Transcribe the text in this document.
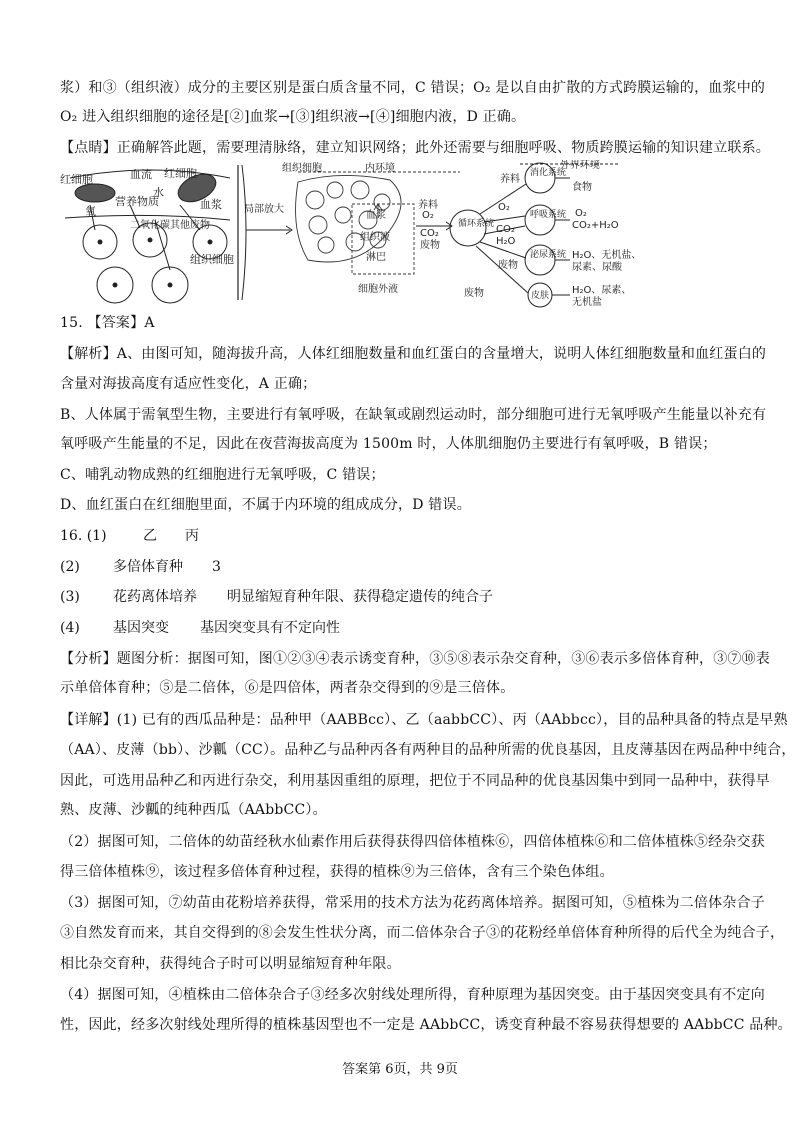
浆）和③（组织液）成分的主要区别是蛋白质含量不同，C 错误；O₂ 是以自由扩散的方式跨膜运输的，血浆中的
O₂ 进入组织细胞的途径是[②]血浆→[③]组织液→[④]细胞内液，D 正确。
【点睛】正确解答此题，需要理清脉络，建立知识网络；此外还需要与细胞呼吸、物质跨膜运输的知识建立联系。
红细胞	血流 红细胞
营养物质
水
氧
血浆
二氧化碳其他废物
组织细胞
局部放大
组织细胞	内环境
血浆
组织液
淋巴
细胞外液
外界环境
养料
消化系统
食物
养料
O₂
循环系统
CO₂
废物
O₂
呼吸系统
CO₂
H₂O
O₂
CO₂+H₂O
泌尿系统 H₂O、无机盐、
尿素、尿酸
废物
废物	皮肤 H₂O、尿素、
无机盐
15. 【答案】A
【解析】A、由图可知，随海拔升高，人体红细胞数量和血红蛋白的含量增大，说明人体红细胞数量和血红蛋白的
含量对海拔高度有适应性变化，A 正确；
B、人体属于需氧型生物，主要进行有氧呼吸，在缺氧或剧烈运动时，部分细胞可进行无氧呼吸产生能量以补充有
氧呼吸产生能量的不足，因此在夜营海拔高度为 1500m 时，人体肌细胞仍主要进行有氧呼吸，B 错误；
C、哺乳动物成熟的红细胞进行无氧呼吸，C 错误；
D、血红蛋白在红细胞里面，不属于内环境的组成成分，D 错误。
16. (1)	乙 丙
(2) 多倍体育种 3
(3) 花药离体培养 明显缩短育种年限、获得稳定遗传的纯合子
(4) 基因突变 基因突变具有不定向性
【分析】题图分析：据图可知，图①②③④表示诱变育种，③⑤⑧表示杂交育种，③⑥表示多倍体育种，③⑦⑩表
示单倍体育种；⑤是二倍体，⑥是四倍体，两者杂交得到的⑨是三倍体。
【详解】(1) 已有的西瓜品种是：品种甲（AABBcc）、乙（aabbCC）、丙（AAbbcc），目的品种具备的特点是早熟
（AA）、皮薄（bb）、沙瓤（CC）。品种乙与品种丙各有两种目的品种所需的优良基因，且皮薄基因在两品种中纯合，
因此，可选用品种乙和丙进行杂交，利用基因重组的原理，把位于不同品种的优良基因集中到同一品种中，获得早
熟、皮薄、沙瓤的纯种西瓜（AAbbCC）。
（2）据图可知，二倍体的幼苗经秋水仙素作用后获得获得四倍体植株⑥，四倍体植株⑥和二倍体植株⑤经杂交获
得三倍体植株⑨，该过程多倍体育种过程，获得的植株⑨为三倍体，含有三个染色体组。
（3）据图可知，⑦幼苗由花粉培养获得，常采用的技术方法为花药离体培养。据图可知，⑤植株为二倍体杂合子
③自然发育而来，其自交得到的⑧会发生性状分离，而二倍体杂合子③的花粉经单倍体育种所得的后代全为纯合子，
相比杂交育种，获得纯合子时可以明显缩短育种年限。
（4）据图可知，④植株由二倍体杂合子③经多次射线处理所得，育种原理为基因突变。由于基因突变具有不定向
性，因此，经多次射线处理所得的植株基因型也不一定是 AAbbCC，诱变育种最不容易获得想要的 AAbbCC 品种。
答案第 6页，共 9页
